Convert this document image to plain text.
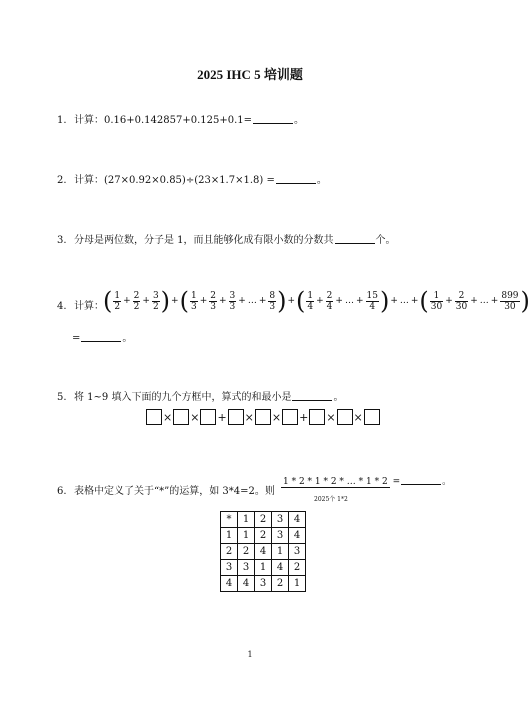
2025 IHC 5 培训题
1. 计算：0.16+0.142857+0.125+0.1=	。
2. 计算：(27×0.92×0.85)÷(23×1.7×1.8) =	。
3. 分母是两位数，分子是 1，而且能够化成有限小数的分数共	个。
4. 计算： ( $\frac{1}{2} + \frac{2}{2} + \frac{3}{2}$ )+( $\frac{1}{3} + \frac{2}{3} + \frac{3}{3}$ + … + $\frac{8}{3}$ )+( $\frac{1}{4} + \frac{2}{4}$ + … + $\frac{15}{4}$ )+ … +( $\frac{1}{30} + \frac{2}{30}$ + … + $\frac{899}{30}$ )
=	。
5. 将 1~9 填入下面的九个方框中，算式的和最小是	。
× × + × × + × ×
6. 表格中定义了关于“*”的运算，如 3*4=2。则
1 * 2 * 1 * 2 * … * 1 * 2 =	。
2025个 1*2
*	1	2	3	4
1	1	2	3	4
2	2	4	1	3
3	3	1	4	2
4	4	3	2	1
1
